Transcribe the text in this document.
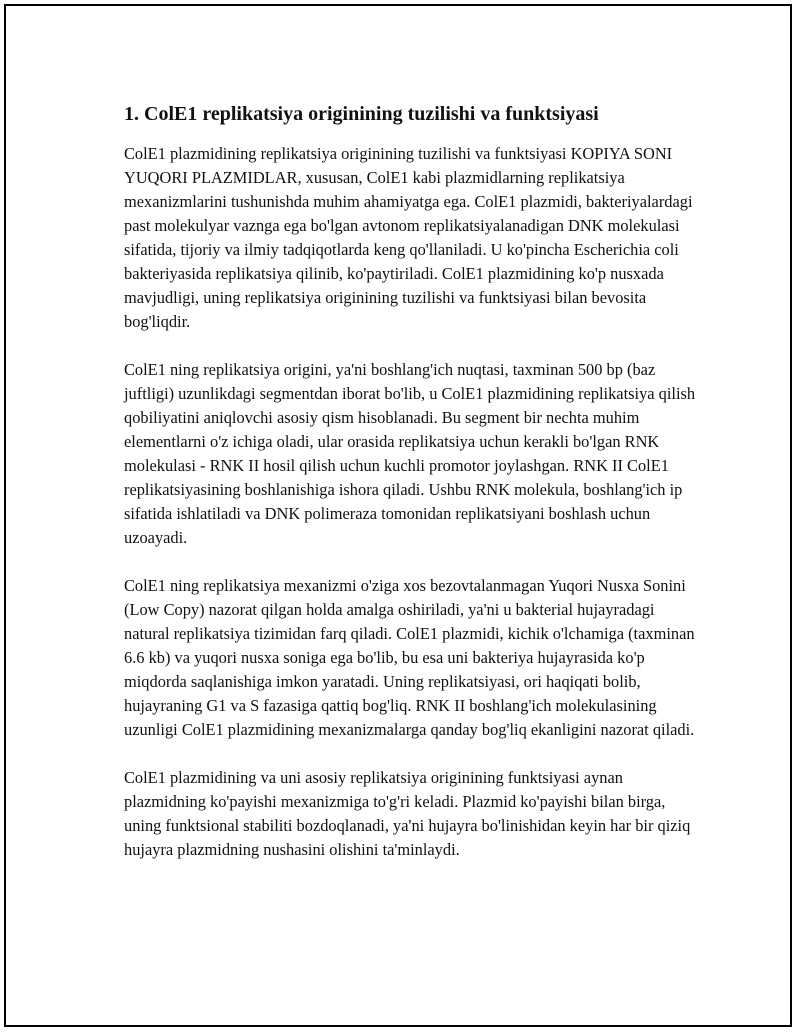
1. ColE1 replikatsiya originining tuzilishi va funktsiyasi

ColE1 plazmidining replikatsiya originining tuzilishi va funktsiyasi KOPIYA SONI YUQORI PLAZMIDLAR, xususan, ColE1 kabi plazmidlarning replikatsiya mexanizmlarini tushunishda muhim ahamiyatga ega. ColE1 plazmidi, bakteriyalardagi past molekulyar vaznga ega bo'lgan avtonom replikatsiyalanadigan DNK molekulasi sifatida, tijoriy va ilmiy tadqiqotlarda keng qo'llaniladi. U ko'pincha Escherichia coli bakteriyasida replikatsiya qilinib, ko'paytiriladi. ColE1 plazmidining ko'p nusxada mavjudligi, uning replikatsiya originining tuzilishi va funktsiyasi bilan bevosita bog'liqdir.

ColE1 ning replikatsiya origini, ya'ni boshlang'ich nuqtasi, taxminan 500 bp (baz juftligi) uzunlikdagi segmentdan iborat bo'lib, u ColE1 plazmidining replikatsiya qilish qobiliyatini aniqlovchi asosiy qism hisoblanadi. Bu segment bir nechta muhim elementlarni o'z ichiga oladi, ular orasida replikatsiya uchun kerakli bo'lgan RNK molekulasi - RNK II hosil qilish uchun kuchli promotor joylashgan. RNK II ColE1 replikatsiyasining boshlanishiga ishora qiladi. Ushbu RNK molekula, boshlang'ich ip sifatida ishlatiladi va DNK polimeraza tomonidan replikatsiyani boshlash uchun uzoayadi.

ColE1 ning replikatsiya mexanizmi o'ziga xos bezovtalanmagan Yuqori Nusxa Sonini (Low Copy) nazorat qilgan holda amalga oshiriladi, ya'ni u bakterial hujayradagi natural replikatsiya tizimidan farq qiladi. ColE1 plazmidi, kichik o'lchamiga (taxminan 6.6 kb) va yuqori nusxa soniga ega bo'lib, bu esa uni bakteriya hujayrasida ko'p miqdorda saqlanishiga imkon yaratadi. Uning replikatsiyasi, ori haqiqati bolib, hujayraning G1 va S fazasiga qattiq bog'liq. RNK II boshlang'ich molekulasining uzunligi ColE1 plazmidining mexanizmalarga qanday bog'liq ekanligini nazorat qiladi.

ColE1 plazmidining va uni asosiy replikatsiya originining funktsiyasi aynan plazmidning ko'payishi mexanizmiga to'g'ri keladi. Plazmid ko'payishi bilan birga, uning funktsional stabiliti bozdoqlanadi, ya'ni hujayra bo'linishidan keyin har bir qiziq hujayra plazmidning nushasini olishini ta'minlaydi.
